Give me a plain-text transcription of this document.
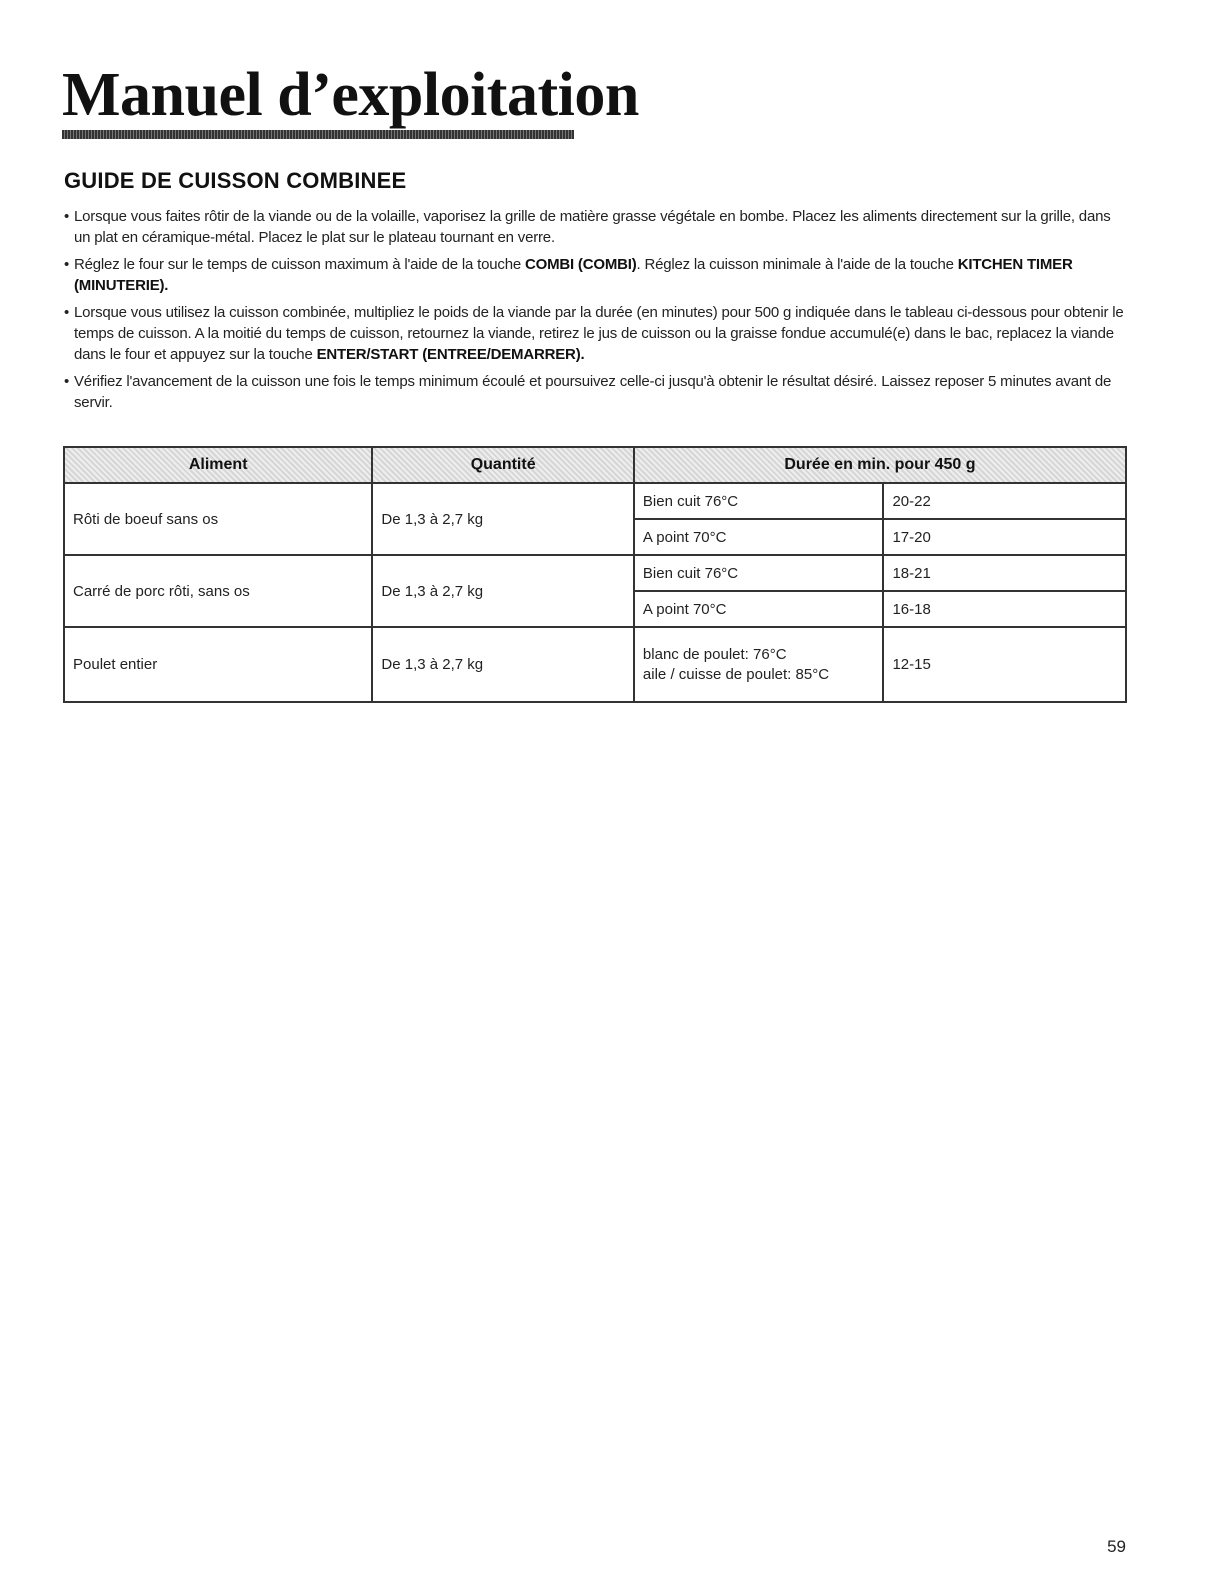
Manuel d’exploitation
GUIDE DE CUISSON COMBINEE
• Lorsque vous faites rôtir de la viande ou de la volaille, vaporisez la grille de matière grasse végétale en bombe. Placez les aliments directement sur la grille, dans un plat en céramique-métal. Placez le plat sur le plateau tournant en verre.
• Réglez le four sur le temps de cuisson maximum à l'aide de la touche COMBI (COMBI). Réglez la cuisson minimale à l'aide de la touche KITCHEN TIMER (MINUTERIE).
• Lorsque vous utilisez la cuisson combinée, multipliez le poids de la viande par la durée (en minutes) pour 500 g indiquée dans le tableau ci-dessous pour obtenir le temps de cuisson. A la moitié du temps de cuisson, retournez la viande, retirez le jus de cuisson ou la graisse fondue accumulé(e) dans le bac, replacez la viande dans le four et appuyez sur la touche ENTER/START (ENTREE/DEMARRER).
• Vérifiez l'avancement de la cuisson une fois le temps minimum écoulé et poursuivez celle-ci jusqu'à obtenir le résultat désiré. Laissez reposer 5 minutes avant de servir.
Aliment	Quantité	Durée en min. pour 450 g	
Rôti de boeuf sans os	De 1,3 à 2,7 kg	Bien cuit 76°C	20-22
		A point 70°C	17-20
Carré de porc rôti, sans os	De 1,3 à 2,7 kg	Bien cuit 76°C	18-21
		A point 70°C	16-18
Poulet entier	De 1,3 à 2,7 kg	blanc de poulet: 76°C
aile / cuisse de poulet: 85°C	12-15
59
